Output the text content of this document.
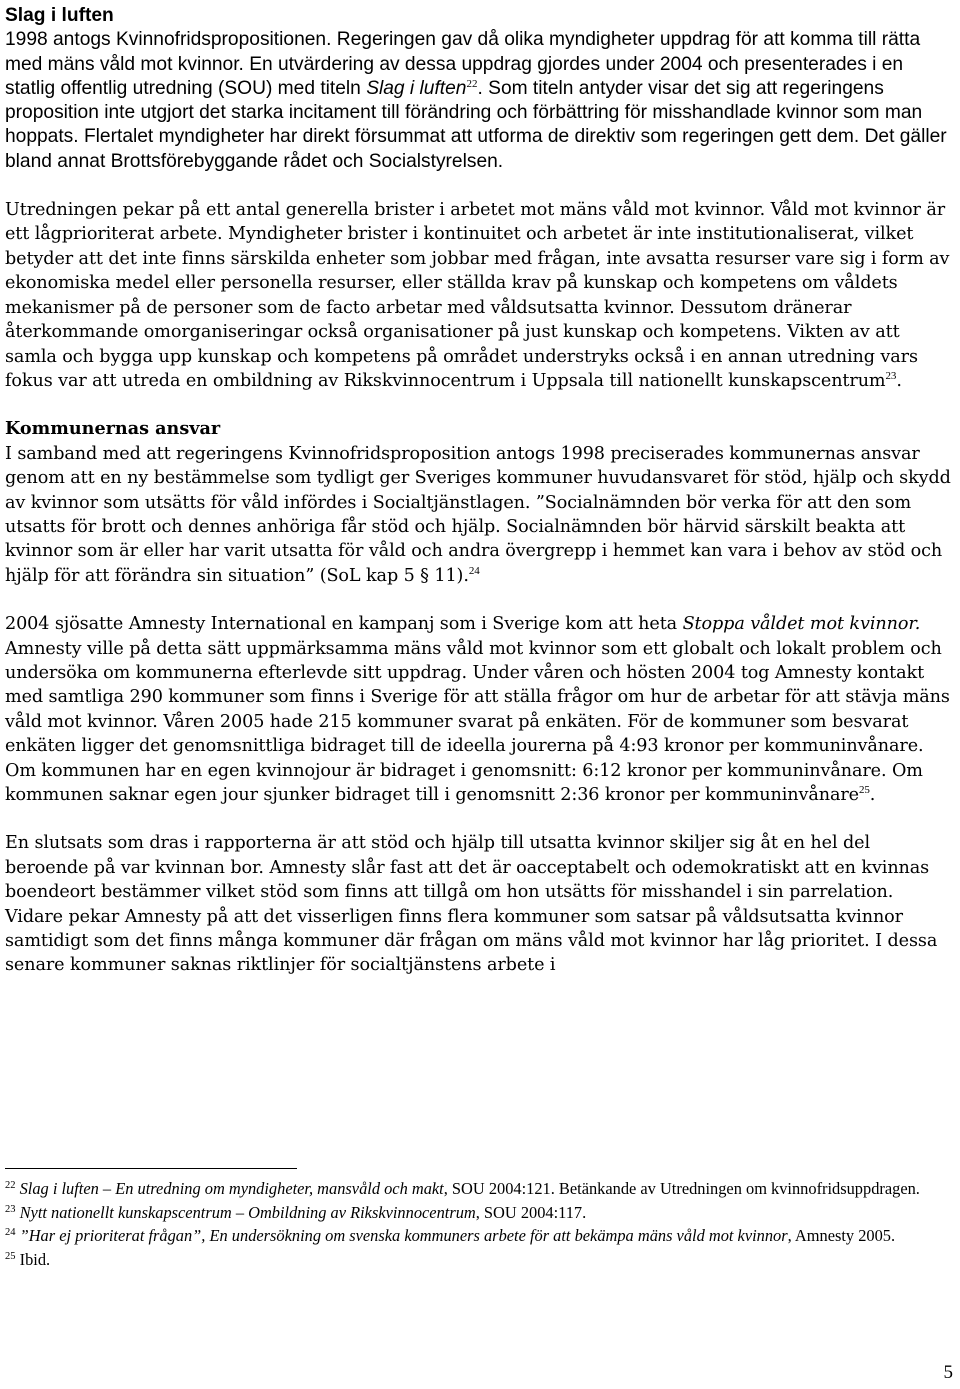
Slag i luften

1998 antogs Kvinnofridspropositionen. Regeringen gav då olika myndigheter uppdrag för att komma till rätta med mäns våld mot kvinnor. En utvärdering av dessa uppdrag gjordes under 2004 och presenterades i en statlig offentlig utredning (SOU) med titeln Slag i luften$^{22}$. Som titeln antyder visar det sig att regeringens proposition inte utgjort det starka incitament till förändring och förbättring för misshandlade kvinnor som man hoppats. Flertalet myndigheter har direkt försummat att utforma de direktiv som regeringen gett dem. Det gäller bland annat Brottsförebyggande rådet och Socialstyrelsen.

Utredningen pekar på ett antal generella brister i arbetet mot mäns våld mot kvinnor. Våld mot kvinnor är ett lågprioriterat arbete. Myndigheter brister i kontinuitet och arbetet är inte institutionaliserat, vilket betyder att det inte finns särskilda enheter som jobbar med frågan, inte avsatta resurser vare sig i form av ekonomiska medel eller personella resurser, eller ställda krav på kunskap och kompetens om våldets mekanismer på de personer som de facto arbetar med våldsutsatta kvinnor. Dessutom dränerar återkommande omorganiseringar också organisationer på just kunskap och kompetens. Vikten av att samla och bygga upp kunskap och kompetens på området understryks också i en annan utredning vars fokus var att utreda en ombildning av Rikskvinnocentrum i Uppsala till nationellt kunskapscentrum$^{23}$.

Kommunernas ansvar

I samband med att regeringens Kvinnofridsproposition antogs 1998 preciserades kommunernas ansvar genom att en ny bestämmelse som tydligt ger Sveriges kommuner huvudansvaret för stöd, hjälp och skydd av kvinnor som utsätts för våld infördes i Socialtjänstlagen. ”Socialnämnden bör verka för att den som utsatts för brott och dennes anhöriga får stöd och hjälp. Socialnämnden bör härvid särskilt beakta att kvinnor som är eller har varit utsatta för våld och andra övergrepp i hemmet kan vara i behov av stöd och hjälp för att förändra sin situation” (SoL kap 5 § 11).$^{24}$

2004 sjösatte Amnesty International en kampanj som i Sverige kom att heta Stoppa våldet mot kvinnor. Amnesty ville på detta sätt uppmärksamma mäns våld mot kvinnor som ett globalt och lokalt problem och undersöka om kommunerna efterlevde sitt uppdrag. Under våren och hösten 2004 tog Amnesty kontakt med samtliga 290 kommuner som finns i Sverige för att ställa frågor om hur de arbetar för att stävja mäns våld mot kvinnor. Våren 2005 hade 215 kommuner svarat på enkäten. För de kommuner som besvarat enkäten ligger det genomsnittliga bidraget till de ideella jourerna på 4:93 kronor per kommuninvånare. Om kommunen har en egen kvinnojour är bidraget i genomsnitt: 6:12 kronor per kommuninvånare. Om kommunen saknar egen jour sjunker bidraget till i genomsnitt 2:36 kronor per kommuninvånare$^{25}$.

En slutsats som dras i rapporterna är att stöd och hjälp till utsatta kvinnor skiljer sig åt en hel del beroende på var kvinnan bor. Amnesty slår fast att det är oacceptabelt och odemokratiskt att en kvinnas boendeort bestämmer vilket stöd som finns att tillgå om hon utsätts för misshandel i sin parrelation. Vidare pekar Amnesty på att det visserligen finns flera kommuner som satsar på våldsutsatta kvinnor samtidigt som det finns många kommuner där frågan om mäns våld mot kvinnor har låg prioritet. I dessa senare kommuner saknas riktlinjer för socialtjänstens arbete i

$^{22}$ Slag i luften – En utredning om myndigheter, mansvåld och makt, SOU 2004:121. Betänkande av Utredningen om kvinnofridsuppdragen.

$^{23}$ Nytt nationellt kunskapscentrum – Ombildning av Rikskvinnocentrum, SOU 2004:117.

$^{24}$ ”Har ej prioriterat frågan”, En undersökning om svenska kommuners arbete för att bekämpa mäns våld mot kvinnor, Amnesty 2005.

$^{25}$ Ibid.

5
